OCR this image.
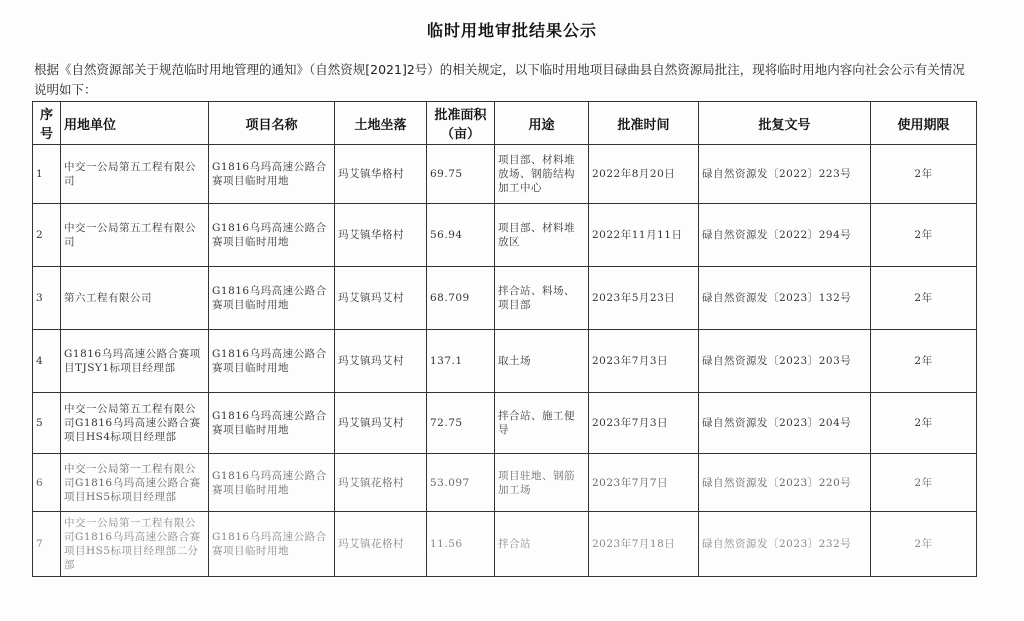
临时用地审批结果公示
根据《自然资源部关于规范临时用地管理的通知》（自然资规[2021]2号）的相关规定，以下临时用地项目碌曲县自然资源局批注，现将临时用地内容向社会公示有关情况说明如下：
序号	用地单位	项目名称	土地坐落	批准面积（亩）	用途	批准时间	批复文号	使用期限
1	中交一公局第五工程有限公司	G1816乌玛高速公路合赛项目临时用地	玛艾镇华格村	69.75	项目部、材料堆放场、钢筋结构加工中心	2022年8月20日	碌自然资源发〔2022〕223号	2年
2	中交一公局第五工程有限公司	G1816乌玛高速公路合赛项目临时用地	玛艾镇华格村	56.94	项目部、材料堆放区	2022年11月11日	碌自然资源发〔2022〕294号	2年
3	第六工程有限公司	G1816乌玛高速公路合赛项目临时用地	玛艾镇玛艾村	68.709	拌合站、料场、项目部	2023年5月23日	碌自然资源发〔2023〕132号	2年
4	G1816乌玛高速公路合赛项目TJSY1标项目经理部	G1816乌玛高速公路合赛项目临时用地	玛艾镇玛艾村	137.1	取土场	2023年7月3日	碌自然资源发〔2023〕203号	2年
5	中交一公局第五工程有限公司G1816乌玛高速公路合赛项目HS4标项目经理部	G1816乌玛高速公路合赛项目临时用地	玛艾镇玛艾村	72.75	拌合站、施工便导	2023年7月3日	碌自然资源发〔2023〕204号	2年
6	中交一公局第一工程有限公司G1816乌玛高速公路合赛项目HS5标项目经理部	G1816乌玛高速公路合赛项目临时用地	玛艾镇花格村	53.097	项目驻地、钢筋加工场	2023年7月7日	碌自然资源发〔2023〕220号	2年
7	中交一公局第一工程有限公司G1816乌玛高速公路合赛项目HS5标项目经理部二分部	G1816乌玛高速公路合赛项目临时用地	玛艾镇花格村	11.56	拌合站	2023年7月18日	碌自然资源发〔2023〕232号	2年
